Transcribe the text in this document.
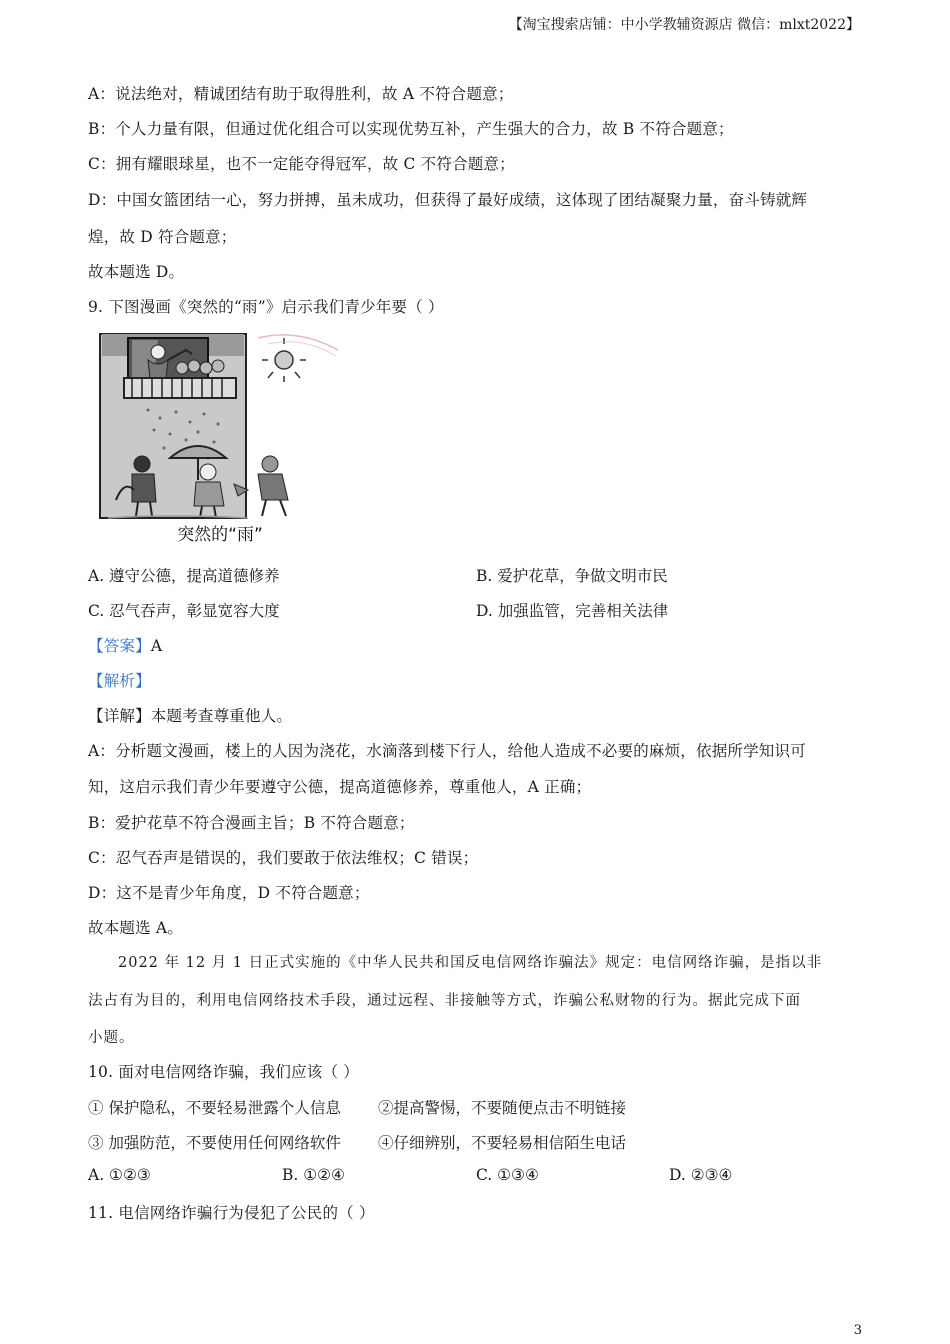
【淘宝搜索店铺：中小学教辅资源店 微信：mlxt2022】
A：说法绝对，精诚团结有助于取得胜利，故 A 不符合题意；
B：个人力量有限，但通过优化组合可以实现优势互补，产生强大的合力，故 B 不符合题意；
C：拥有耀眼球星，也不一定能夺得冠军，故 C 不符合题意；
D：中国女篮团结一心，努力拼搏，虽未成功，但获得了最好成绩，这体现了团结凝聚力量，奋斗铸就辉
煌，故 D 符合题意；
故本题选 D。
9. 下图漫画《突然的“雨”》启示我们青少年要（ ）
突然的“雨”
A. 遵守公德，提高道德修养	B. 爱护花草，争做文明市民
C. 忍气吞声，彰显宽容大度	D. 加强监管，完善相关法律
【答案】A
【解析】
【详解】本题考查尊重他人。
A：分析题文漫画，楼上的人因为浇花，水滴落到楼下行人，给他人造成不必要的麻烦，依据所学知识可
知，这启示我们青少年要遵守公德，提高道德修养，尊重他人，A 正确；
B：爱护花草不符合漫画主旨；B 不符合题意；
C：忍气吞声是错误的，我们要敢于依法维权；C 错误；
D：这不是青少年角度，D 不符合题意；
故本题选 A。
2022 年 12 月 1 日正式实施的《中华人民共和国反电信网络诈骗法》规定：电信网络诈骗，是指以非
法占有为目的，利用电信网络技术手段，通过远程、非接触等方式，诈骗公私财物的行为。据此完成下面
小题。
10. 面对电信网络诈骗，我们应该（ ）
① 保护隐私，不要轻易泄露个人信息 ②提高警惕，不要随便点击不明链接
③ 加强防范，不要使用任何网络软件 ④仔细辨别，不要轻易相信陌生电话
A. ①②③	B. ①②④	C. ①③④	D. ②③④
11. 电信网络诈骗行为侵犯了公民的（ ）
3
